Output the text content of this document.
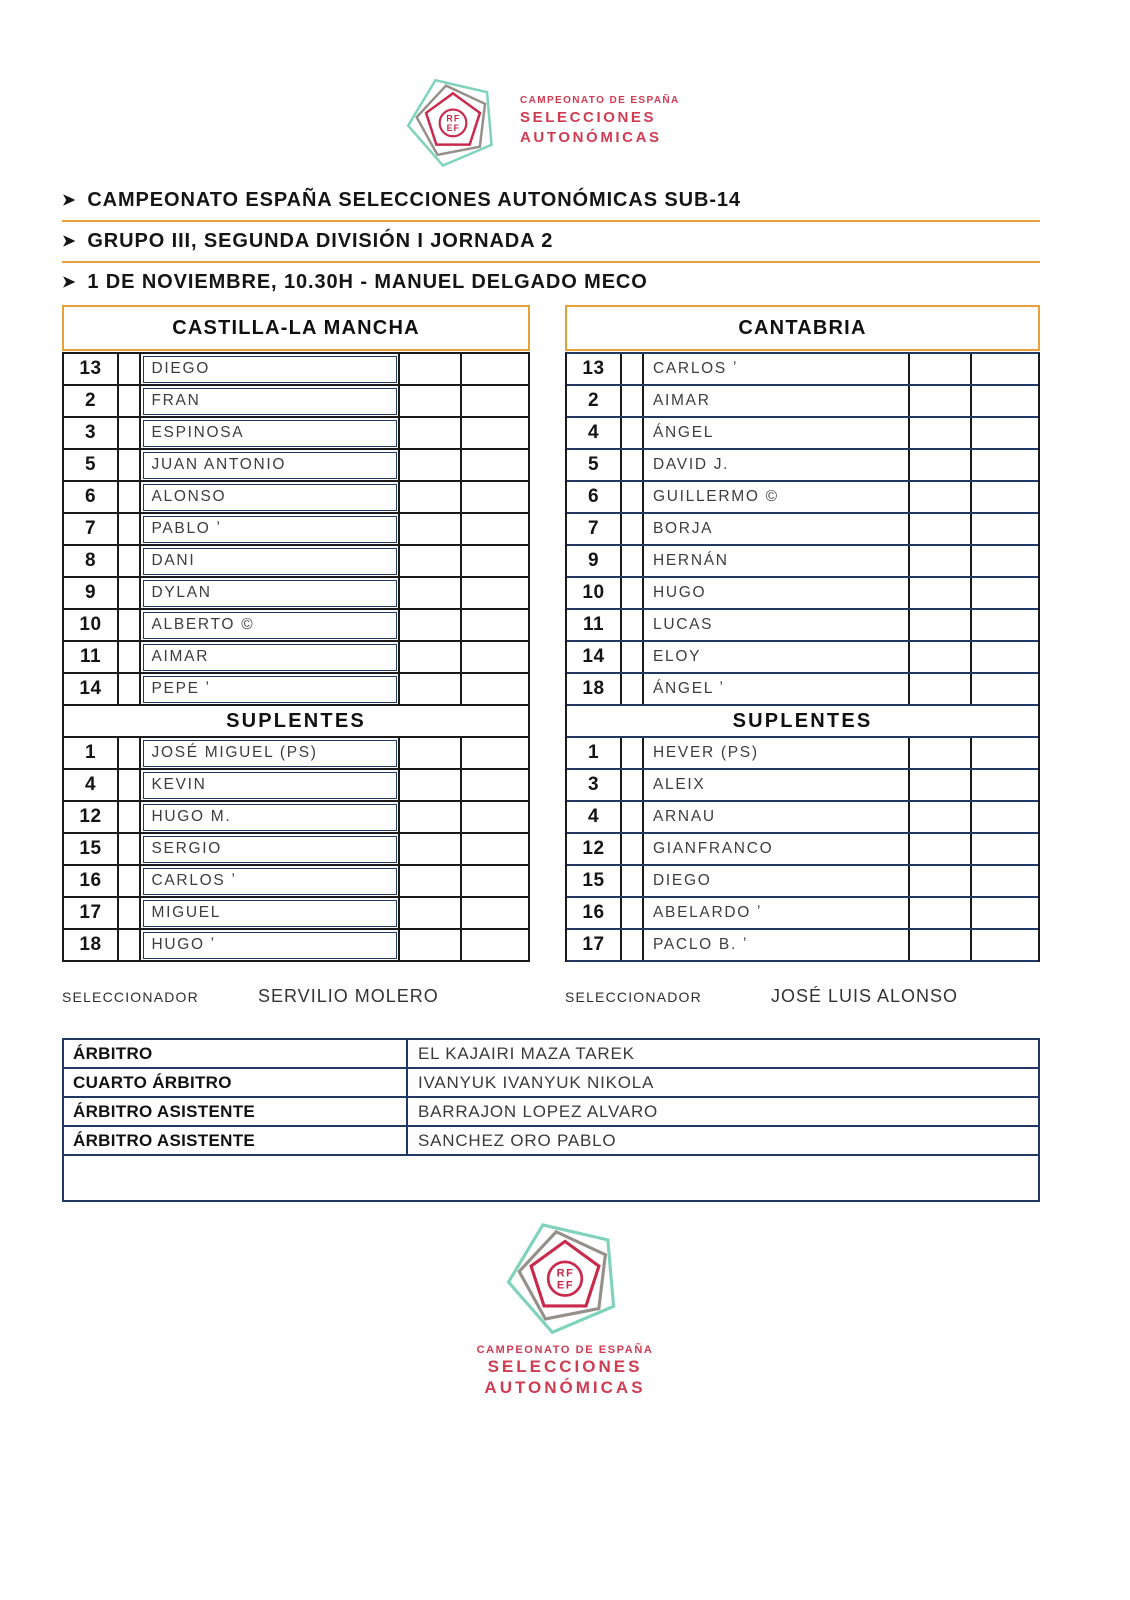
RF
EF
CAMPEONATO DE ESPAÑA
SELECCIONES
AUTONÓMICAS
➤ CAMPEONATO ESPAÑA SELECCIONES AUTONÓMICAS SUB-14
➤ GRUPO III, SEGUNDA DIVISIÓN I JORNADA 2
➤ 1 DE NOVIEMBRE, 10.30H - MANUEL DELGADO MECO
CASTILLA-LA MANCHA
13	DIEGO
2	FRAN
3	ESPINOSA
5	JUAN ANTONIO
6	ALONSO
7	PABLO ʼ
8	DANI
9	DYLAN
10	ALBERTO ©
11	AIMAR
14	PEPE ʼ
SUPLENTES
1	JOSÉ MIGUEL (PS)
4	KEVIN
12	HUGO M.
15	SERGIO
16	CARLOS ʼ
17	MIGUEL
18	HUGO ʼ
CANTABRIA
13	CARLOS ʼ
2	AIMAR
4	ÁNGEL
5	DAVID J.
6	GUILLERMO ©
7	BORJA
9	HERNÁN
10	HUGO
11	LUCAS
14	ELOY
18	ÁNGEL ʼ
SUPLENTES
1	HEVER (PS)
3	ALEIX
4	ARNAU
12	GIANFRANCO
15	DIEGO
16	ABELARDO ʼ
17	PACLO B. ʼ
SELECCIONADOR	SERVILIO MOLERO	SELECCIONADOR	JOSÉ LUIS ALONSO
ÁRBITRO	EL KAJAIRI MAZA TAREK
CUARTO ÁRBITRO	IVANYUK IVANYUK NIKOLA
ÁRBITRO ASISTENTE	BARRAJON LOPEZ ALVARO
ÁRBITRO ASISTENTE	SANCHEZ ORO PABLO
RF
EF
CAMPEONATO DE ESPAÑA
SELECCIONES
AUTONÓMICAS
